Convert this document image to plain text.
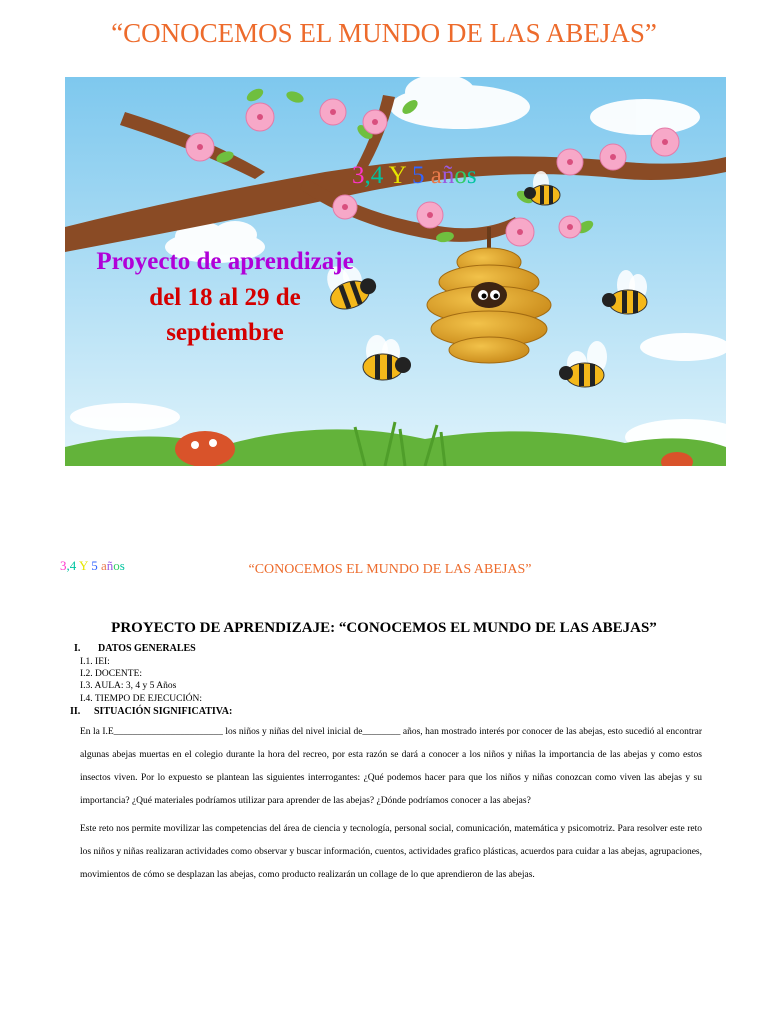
“CONOCEMOS EL MUNDO DE LAS ABEJAS”
3,4 Y 5 años
Proyecto de aprendizaje
del 18 al 29 de
septiembre
3,4 Y 5 años	“CONOCEMOS EL MUNDO DE LAS ABEJAS”
PROYECTO DE APRENDIZAJE: “CONOCEMOS EL MUNDO DE LAS ABEJAS”
I. DATOS GENERALES
I.1. IEI:
I.2. DOCENTE:
I.3. AULA: 3, 4 y 5 Años
I.4. TIEMPO DE EJECUCIÓN:
II. SITUACIÓN SIGNIFICATIVA:
En la I.E_______________________ los niños y niñas del nivel inicial de________ años, han mostrado interés por conocer de las abejas, esto sucedió al encontrar algunas abejas muertas en el colegio durante la hora del recreo, por esta razón se dará a conocer a los niños y niñas la importancia de las abejas y como estos insectos viven. Por lo expuesto se plantean las siguientes interrogantes: ¿Qué podemos hacer para que los niños y niñas conozcan como viven las abejas y su importancia? ¿Qué materiales podríamos utilizar para aprender de las abejas? ¿Dónde podríamos conocer a las abejas?
Este reto nos permite movilizar las competencias del área de ciencia y tecnología, personal social, comunicación, matemática y psicomotriz. Para resolver este reto los niños y niñas realizaran actividades como observar y buscar información, cuentos, actividades grafico plásticas, acuerdos para cuidar a las abejas, agrupaciones, movimientos de cómo se desplazan las abejas, como producto realizarán un collage de lo que aprendieron de las abejas.
